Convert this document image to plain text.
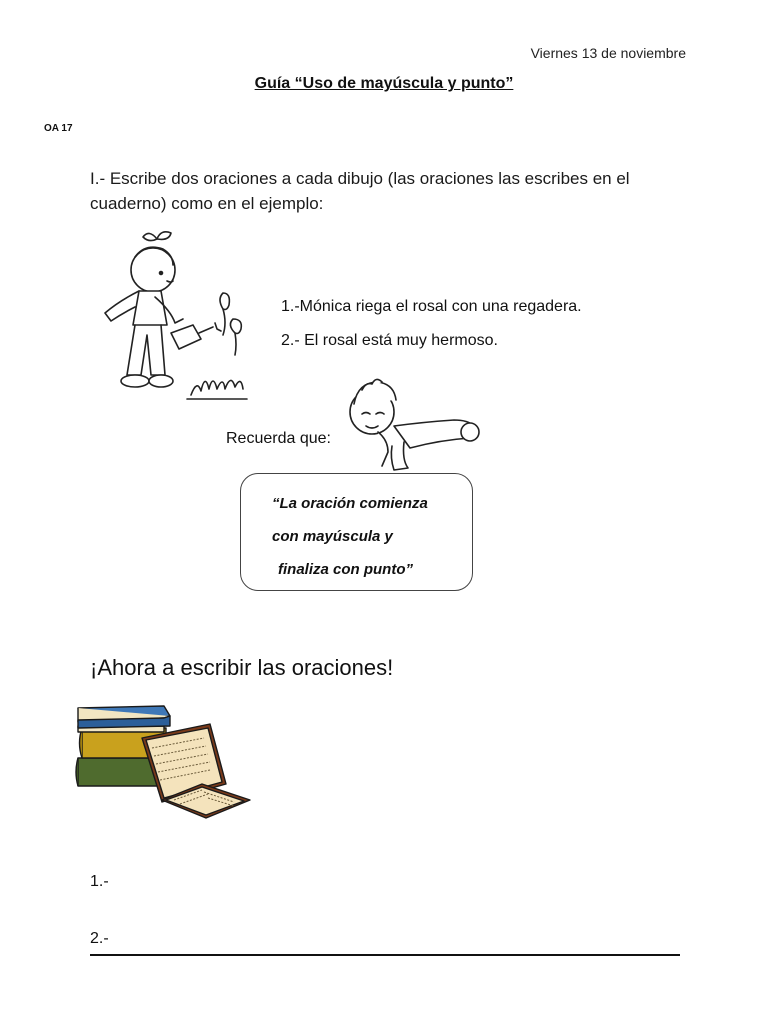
Viernes 13 de noviembre
Guía “Uso de mayúscula y punto”
OA 17
I.- Escribe dos oraciones a cada dibujo (las oraciones las escribes en el cuaderno) como en el ejemplo:
1.-Mónica riega el rosal con una regadera.
2.- El rosal está muy hermoso.
Recuerda que:
“La oración comienza
con mayúscula y
finaliza con punto”
¡Ahora a escribir las oraciones!
1.-
2.-
